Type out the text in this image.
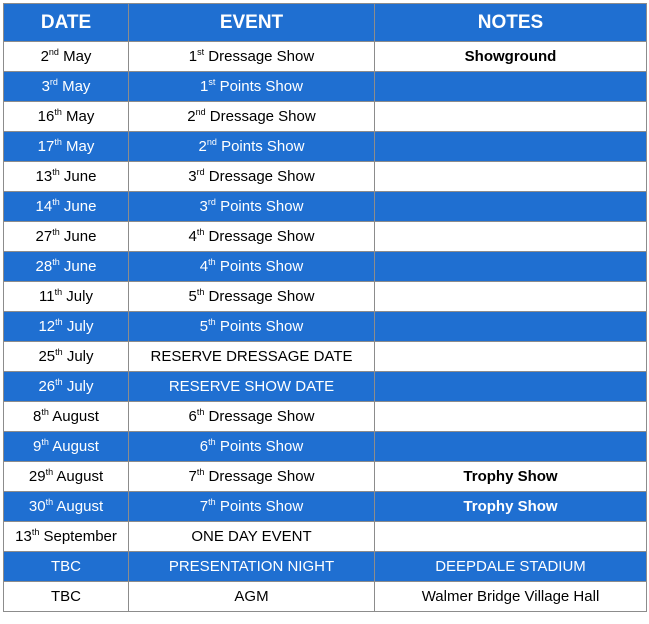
DATE	EVENT	NOTES
2nd May	1st Dressage Show	Showground
3rd May	1st Points Show	
16th May	2nd Dressage Show	
17th May	2nd Points Show	
13th June	3rd Dressage Show	
14th June	3rd Points Show	
27th June	4th Dressage Show	
28th June	4th Points Show	
11th July	5th Dressage Show	
12th July	5th Points Show	
25th July	RESERVE DRESSAGE DATE	
26th July	RESERVE SHOW DATE	
8th August	6th Dressage Show	
9th August	6th Points Show	
29th August	7th Dressage Show	Trophy Show
30th August	7th Points Show	Trophy Show
13th September	ONE DAY EVENT	
TBC	PRESENTATION NIGHT	DEEPDALE STADIUM
TBC	AGM	Walmer Bridge Village Hall
